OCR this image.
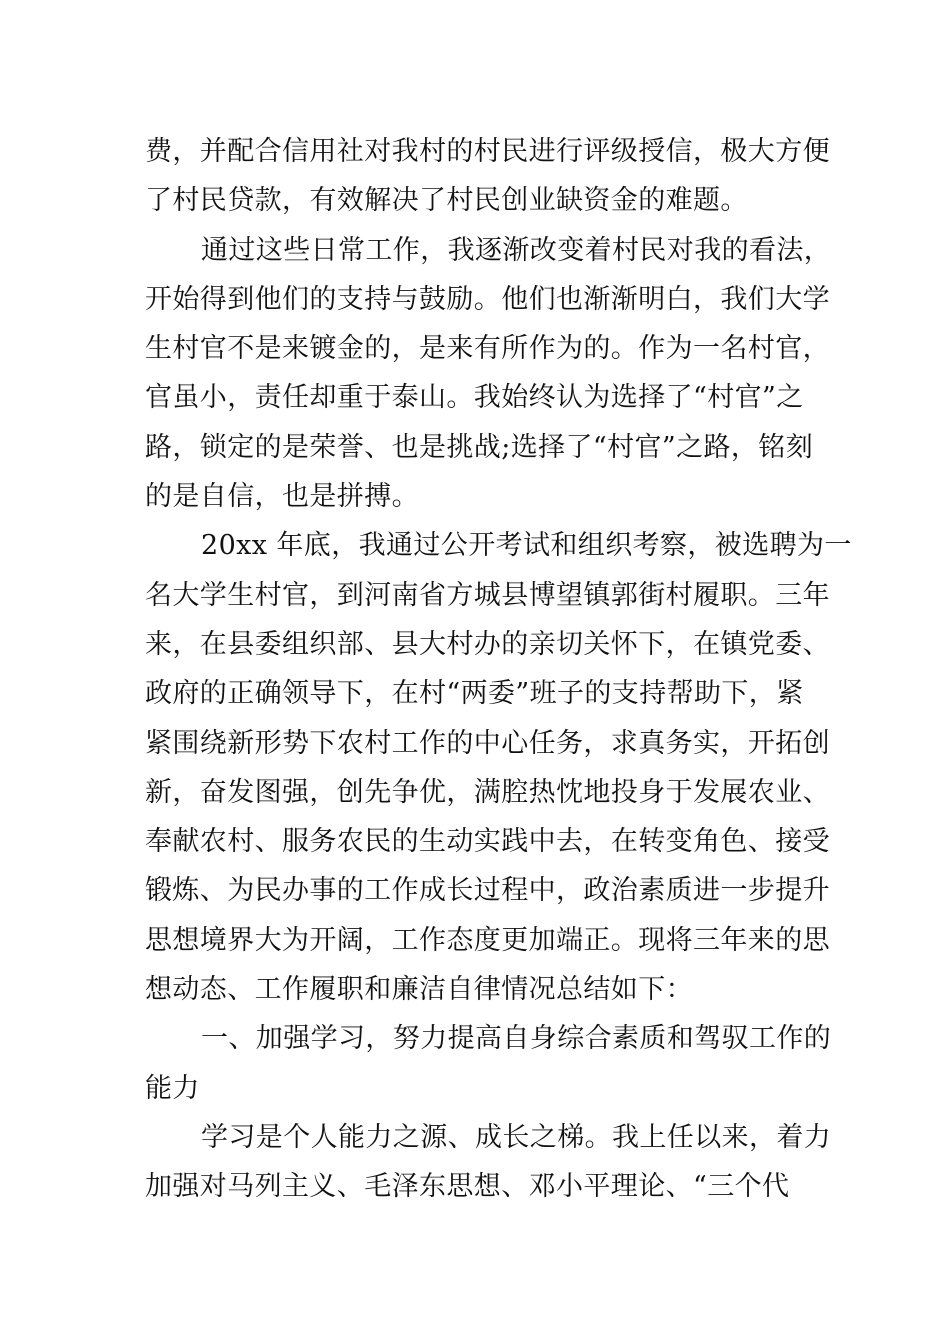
费，并配合信用社对我村的村民进行评级授信，极大方便
了村民贷款，有效解决了村民创业缺资金的难题。
通过这些日常工作，我逐渐改变着村民对我的看法，
开始得到他们的支持与鼓励。他们也渐渐明白，我们大学
生村官不是来镀金的，是来有所作为的。作为一名村官，
官虽小，责任却重于泰山。我始终认为选择了“村官”之
路，锁定的是荣誉、也是挑战;选择了“村官”之路，铭刻
的是自信，也是拼搏。
20xx 年底，我通过公开考试和组织考察，被选聘为一
名大学生村官，到河南省方城县博望镇郭街村履职。三年
来，在县委组织部、县大村办的亲切关怀下，在镇党委、
政府的正确领导下，在村“两委”班子的支持帮助下，紧
紧围绕新形势下农村工作的中心任务，求真务实，开拓创
新，奋发图强，创先争优，满腔热忱地投身于发展农业、
奉献农村、服务农民的生动实践中去，在转变角色、接受
锻炼、为民办事的工作成长过程中，政治素质进一步提升
思想境界大为开阔，工作态度更加端正。现将三年来的思
想动态、工作履职和廉洁自律情况总结如下：
一、加强学习，努力提高自身综合素质和驾驭工作的
能力
学习是个人能力之源、成长之梯。我上任以来，着力
加强对马列主义、毛泽东思想、邓小平理论、“三个代
